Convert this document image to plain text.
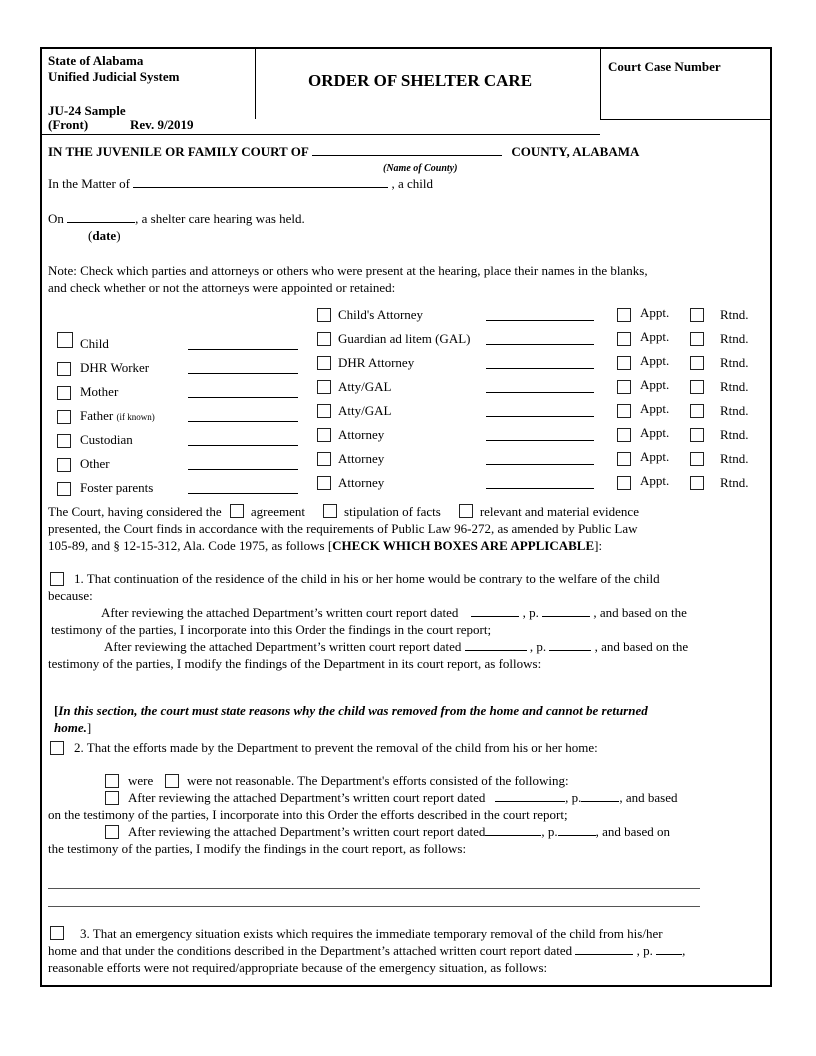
State of Alabama
Unified Judicial System
JU-24 Sample
(Front)	Rev. 9/2019
ORDER OF SHELTER CARE
Court Case Number
IN THE JUVENILE OR FAMILY COURT OF	COUNTY, ALABAMA
(Name of County)
In the Matter of	, a child
On	, a shelter care hearing was held.
(date)
Note: Check which parties and attorneys or others who were present at the hearing, place their names in the blanks,
and check whether or not the attorneys were appointed or retained:
Child
DHR Worker
Mother
Father (if known)
Custodian
Other
Foster parents
Child's Attorney	Appt.	Rtnd.
Guardian ad litem (GAL)	Appt.	Rtnd.
DHR Attorney	Appt.	Rtnd.
Atty/GAL	Appt.	Rtnd.
Atty/GAL	Appt.	Rtnd.
Attorney	Appt.	Rtnd.
Attorney	Appt.	Rtnd.
Attorney	Appt.	Rtnd.
The Court, having considered the agreement	stipulation of facts	relevant and material evidence
presented, the Court finds in accordance with the requirements of Public Law 96-272, as amended by Public Law
105-89, and § 12-15-312, Ala. Code 1975, as follows [CHECK WHICH BOXES ARE APPLICABLE]:
1. That continuation of the residence of the child in his or her home would be contrary to the welfare of the child
because:
After reviewing the attached Department’s written court report dated	, p.	, and based on the
testimony of the parties, I incorporate into this Order the findings in the court report;
After reviewing the attached Department’s written court report dated	, p.	, and based on the
testimony of the parties, I modify the findings of the Department in its court report, as follows:
[In this section, the court must state reasons why the child was removed from the home and cannot be returned
home.]
2. That the efforts made by the Department to prevent the removal of the child from his or her home:
were	were not reasonable. The Department's efforts consisted of the following:
After reviewing the attached Department’s written court report dated	, p.	, and based
on the testimony of the parties, I incorporate into this Order the efforts described in the court report;
After reviewing the attached Department’s written court report dated	, p.	, and based on
the testimony of the parties, I modify the findings in the court report, as follows:
3. That an emergency situation exists which requires the immediate temporary removal of the child from his/her
home and that under the conditions described in the Department’s attached written court report dated	, p. ,
reasonable efforts were not required/appropriate because of the emergency situation, as follows:
